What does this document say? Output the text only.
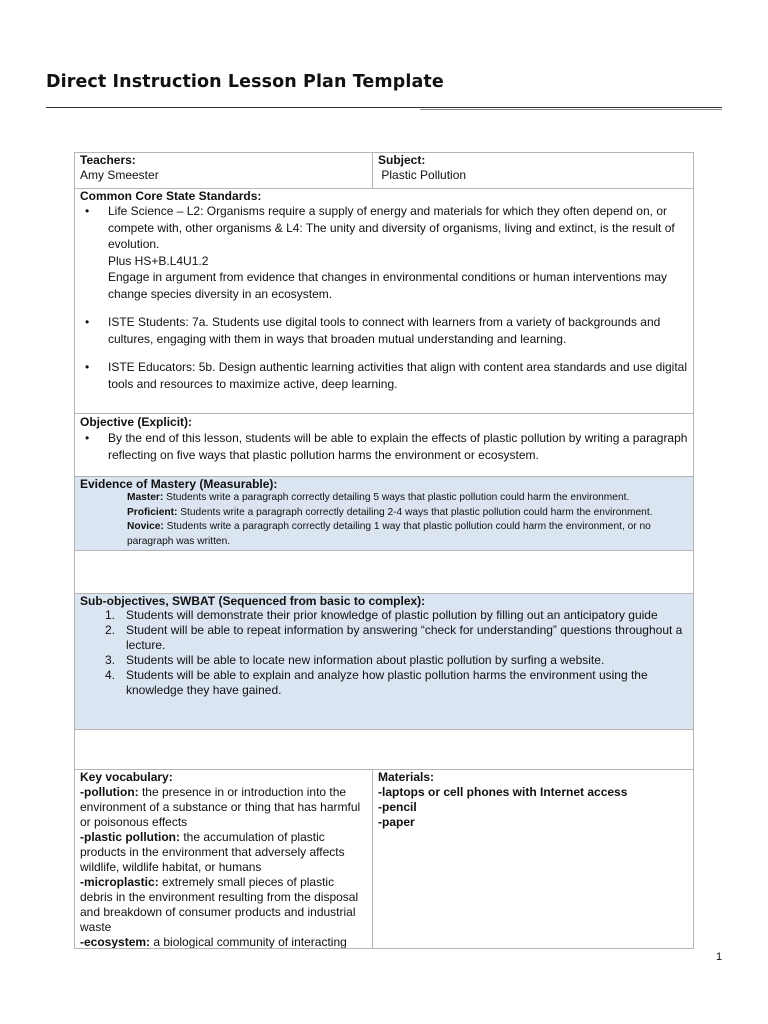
Direct Instruction Lesson Plan Template
Teachers:
Amy Smeester
Subject:
Plastic Pollution
Common Core State Standards:
• Life Science – L2: Organisms require a supply of energy and materials for which they often depend on, or compete with, other organisms & L4: The unity and diversity of organisms, living and extinct, is the result of evolution.
Plus HS+B.L4U1.2
Engage in argument from evidence that changes in environmental conditions or human interventions may change species diversity in an ecosystem.
• ISTE Students: 7a. Students use digital tools to connect with learners from a variety of backgrounds and cultures, engaging with them in ways that broaden mutual understanding and learning.
• ISTE Educators: 5b. Design authentic learning activities that align with content area standards and use digital tools and resources to maximize active, deep learning.
Objective (Explicit):
• By the end of this lesson, students will be able to explain the effects of plastic pollution by writing a paragraph reflecting on five ways that plastic pollution harms the environment or ecosystem.
Evidence of Mastery (Measurable):
Master: Students write a paragraph correctly detailing 5 ways that plastic pollution could harm the environment.
Proficient: Students write a paragraph correctly detailing 2-4 ways that plastic pollution could harm the environment.
Novice: Students write a paragraph correctly detailing 1 way that plastic pollution could harm the environment, or no paragraph was written.
Sub-objectives, SWBAT (Sequenced from basic to complex):
1. Students will demonstrate their prior knowledge of plastic pollution by filling out an anticipatory guide
2. Student will be able to repeat information by answering “check for understanding” questions throughout a lecture.
3. Students will be able to locate new information about plastic pollution by surfing a website.
4. Students will be able to explain and analyze how plastic pollution harms the environment using the knowledge they have gained.

Key vocabulary:

-pollution: the presence in or introduction into the environment of a substance or thing that has harmful or poisonous effects

-plastic pollution: the accumulation of plastic products in the environment that adversely affects wildlife, wildlife habitat, or humans

-microplastic: extremely small pieces of plastic debris in the environment resulting from the disposal and breakdown of consumer products and industrial waste

-ecosystem: a biological community of interacting

Materials:

-laptops or cell phones with Internet access

-pencil

-paper

1
